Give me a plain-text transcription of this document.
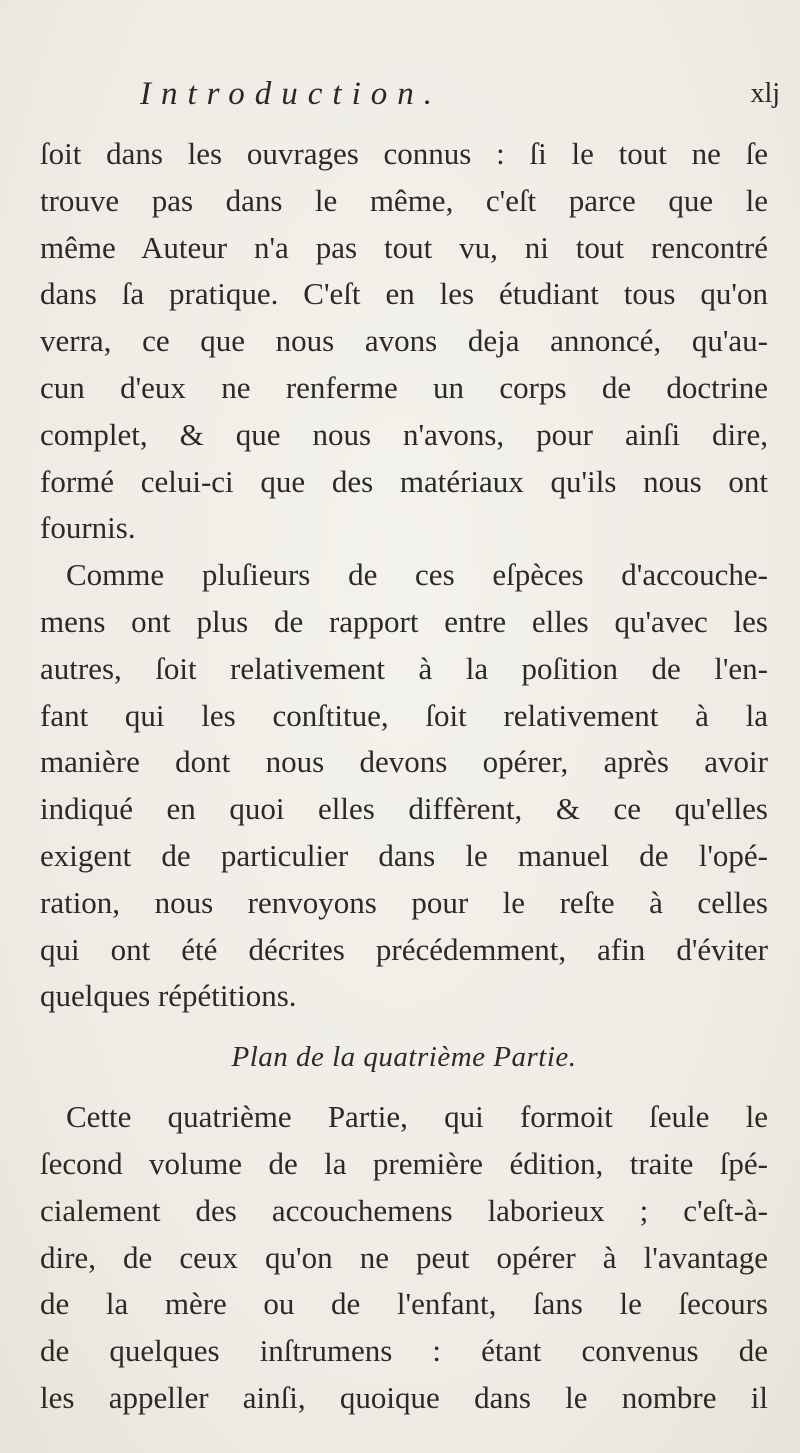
Introduction.	xlj
ſoit dans les ouvrages connus : ſi le tout ne ſe
trouve pas dans le même, c'eſt parce que le
même Auteur n'a pas tout vu, ni tout rencontré
dans ſa pratique. C'eſt en les étudiant tous qu'on
verra, ce que nous avons deja annoncé, qu'au-
cun d'eux ne renferme un corps de doctrine
complet, & que nous n'avons, pour ainſi dire,
formé celui-ci que des matériaux qu'ils nous ont
fournis.
Comme pluſieurs de ces eſpèces d'accouche-
mens ont plus de rapport entre elles qu'avec les
autres, ſoit relativement à la poſition de l'en-
fant qui les conſtitue, ſoit relativement à la
manière dont nous devons opérer, après avoir
indiqué en quoi elles diffèrent, & ce qu'elles
exigent de particulier dans le manuel de l'opé-
ration, nous renvoyons pour le reſte à celles
qui ont été décrites précédemment, afin d'éviter
quelques répétitions.
Plan de la quatrième Partie.
Cette quatrième Partie, qui formoit ſeule le
ſecond volume de la première édition, traite ſpé-
cialement des accouchemens laborieux ; c'eſt-à-
dire, de ceux qu'on ne peut opérer à l'avantage
de la mère ou de l'enfant, ſans le ſecours
de quelques inſtrumens : étant convenus de
les appeller ainſi, quoique dans le nombre il
